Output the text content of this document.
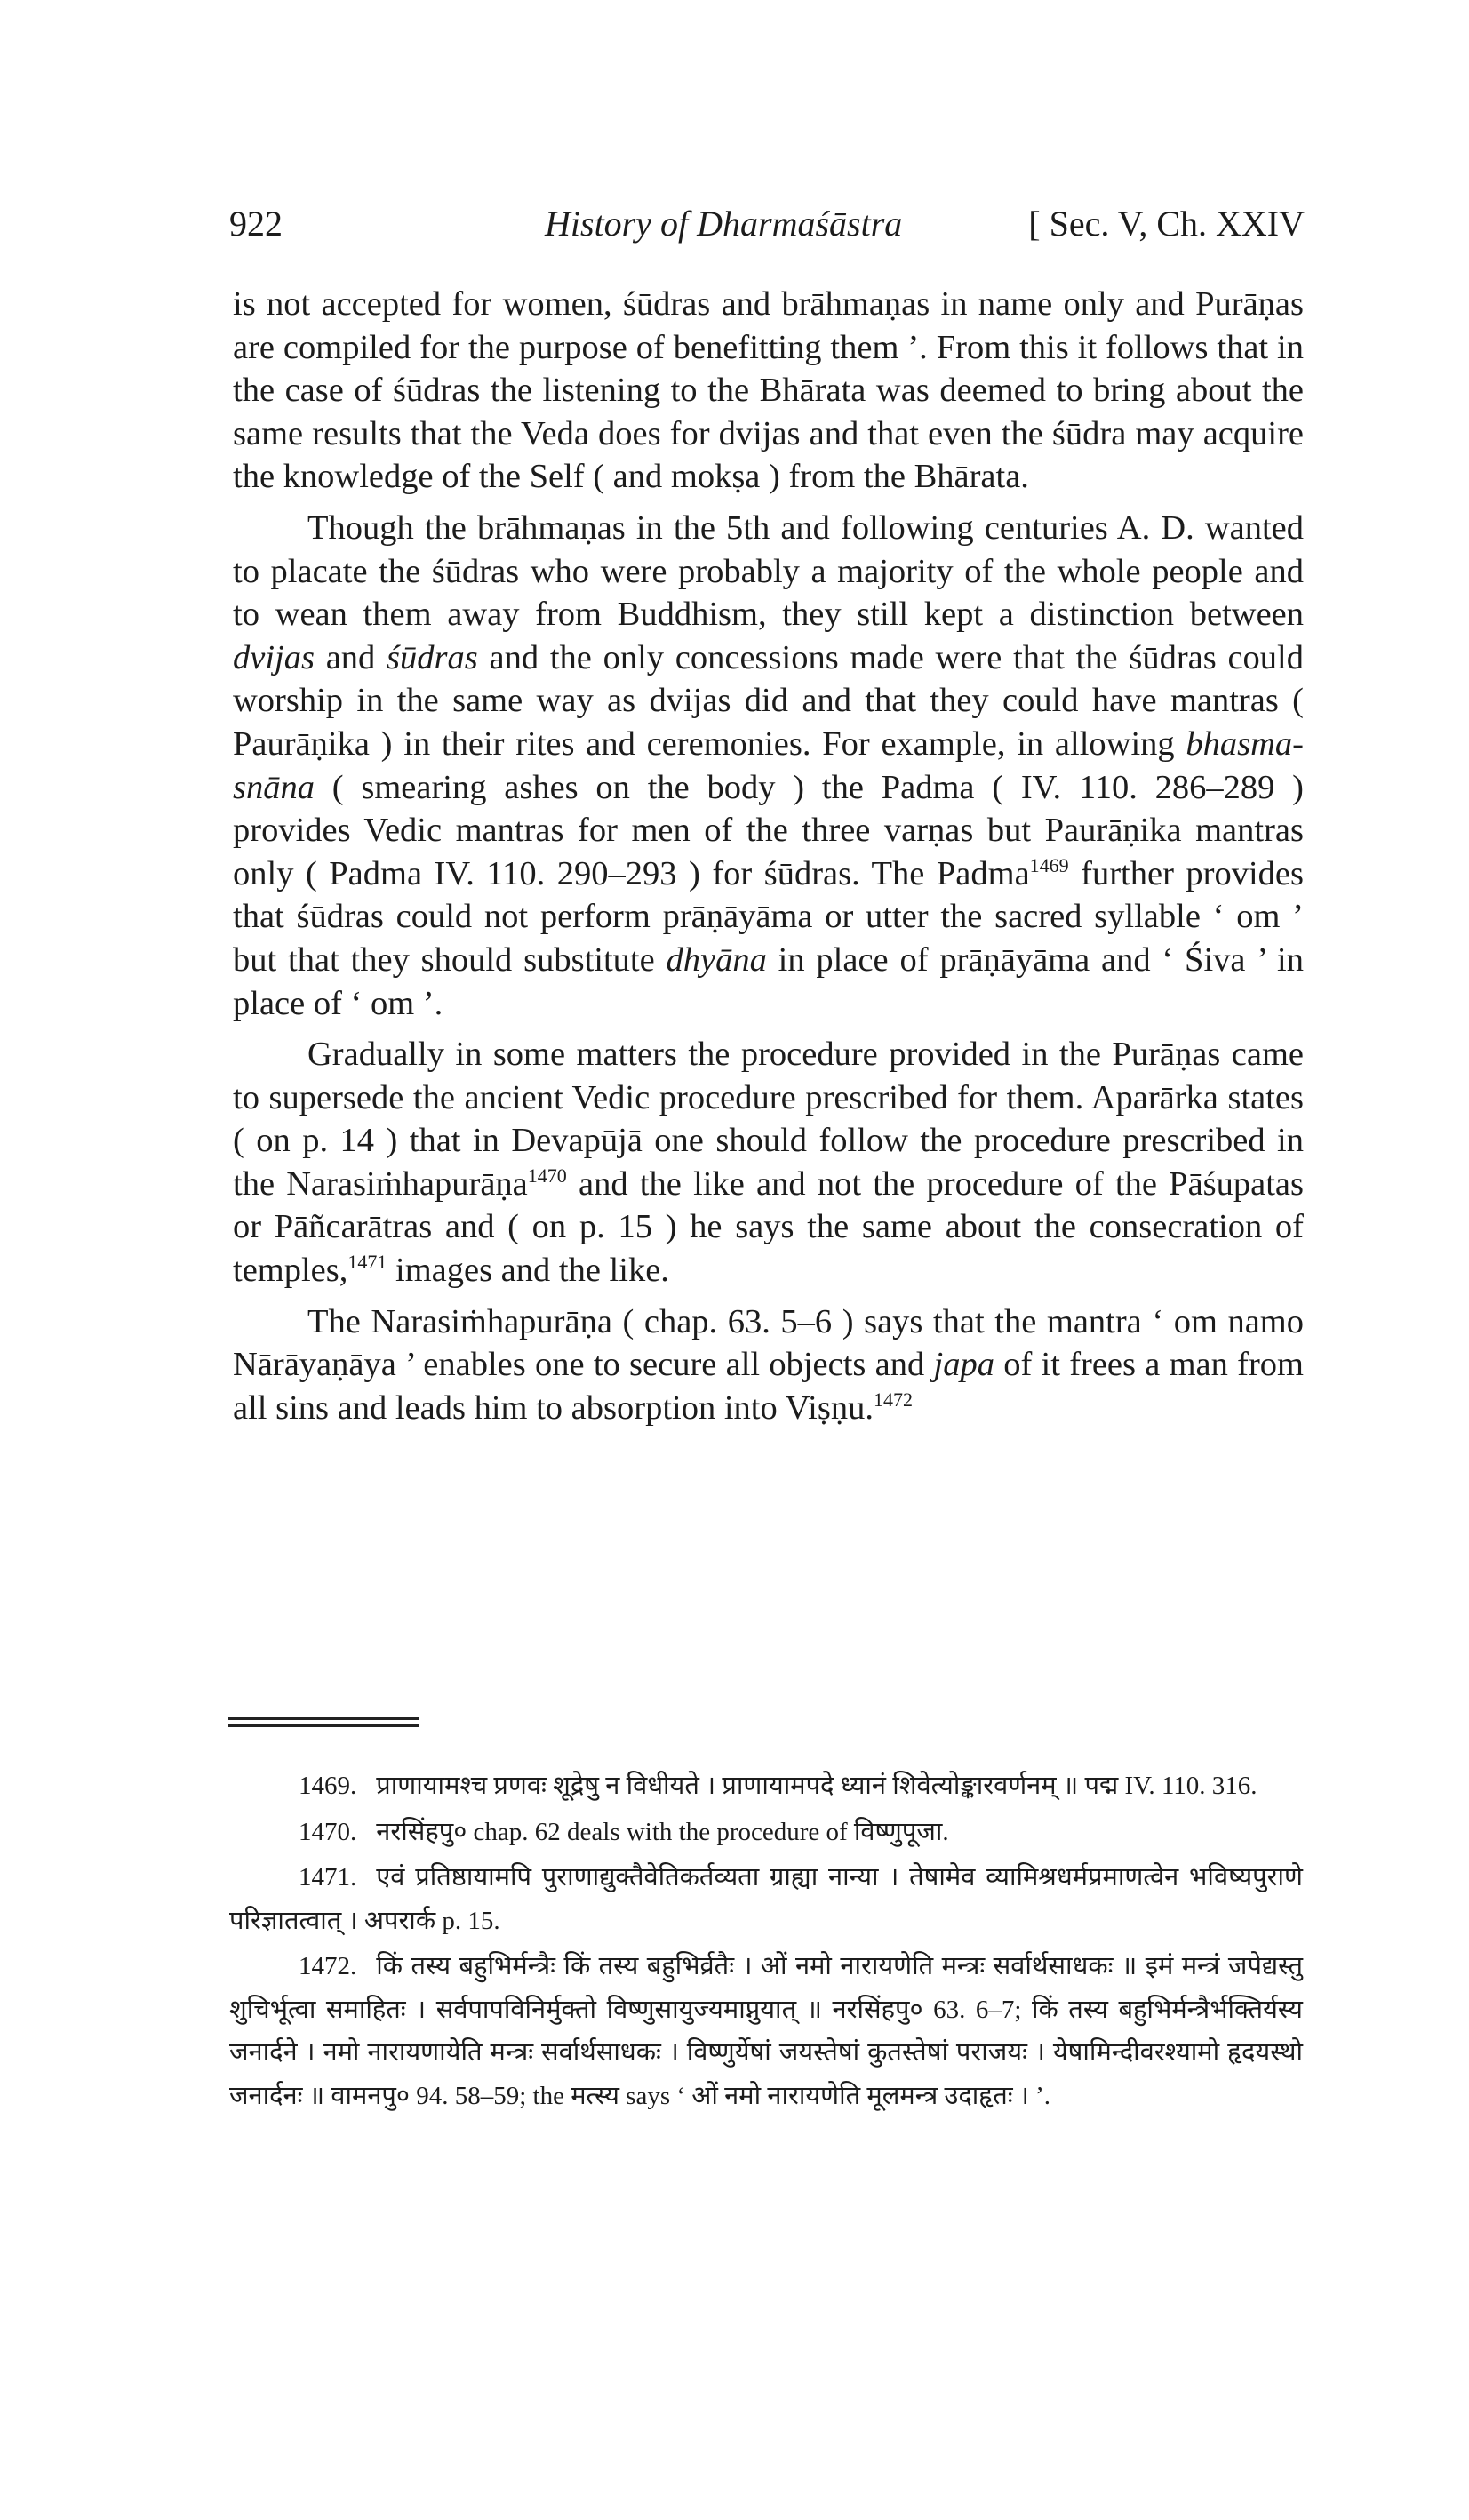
922	History of Dharmaśāstra	[ Sec. V, Ch. XXIV

is not accepted for women, śūdras and brāhmaṇas in name only and Purāṇas are compiled for the purpose of benefitting them ’. From this it follows that in the case of śūdras the listening to the Bhārata was deemed to bring about the same results that the Veda does for dvijas and that even the śūdra may acquire the knowledge of the Self ( and mokṣa ) from the Bhārata.

Though the brāhmaṇas in the 5th and following centuries A. D. wanted to placate the śūdras who were probably a majority of the whole people and to wean them away from Buddhism, they still kept a distinction between dvijas and śūdras and the only concessions made were that the śūdras could worship in the same way as dvijas did and that they could have mantras ( Paurāṇika ) in their rites and ceremonies. For example, in allowing bhasma-snāna ( smearing ashes on the body ) the Padma ( IV. 110. 286–289 ) provides Vedic mantras for men of the three varṇas but Paurāṇika mantras only ( Padma IV. 110. 290–293 ) for śūdras. The Padma$^{1469}$ further provides that śūdras could not perform prāṇāyāma or utter the sacred syllable ‘ om ’ but that they should substitute dhyāna in place of prāṇāyāma and ‘ Śiva ’ in place of ‘ om ’.

Gradually in some matters the procedure provided in the Purāṇas came to supersede the ancient Vedic procedure prescribed for them. Aparārka states ( on p. 14 ) that in Devapūjā one should follow the procedure prescribed in the Narasiṁhapurāṇa$^{1470}$ and the like and not the procedure of the Pāśupatas or Pāñcarātras and ( on p. 15 ) he says the same about the consecration of temples,$^{1471}$ images and the like.

The Narasiṁhapurāṇa ( chap. 63. 5–6 ) says that the mantra ‘ om namo Nārāyaṇāya ’ enables one to secure all objects and japa of it frees a man from all sins and leads him to absorption into Viṣṇu.$^{1472}$

1469. प्राणायामश्च प्रणवः शूद्रेषु न विधीयते । प्राणायामपदे ध्यानं शिवेत्योङ्कारवर्णनम् ॥ पद्म IV. 110. 316.

1470. नरसिंहपु० chap. 62 deals with the procedure of विष्णुपूजा.

1471. एवं प्रतिष्ठायामपि पुराणाद्युक्तैवेतिकर्तव्यता ग्राह्या नान्या । तेषामेव व्यामिश्रधर्मप्रमाणत्वेन भविष्यपुराणे परिज्ञातत्वात् । अपरार्क p. 15.

1472. किं तस्य बहुभिर्मन्त्रैः किं तस्य बहुभिर्व्रतैः । ओं नमो नारायणेति मन्त्रः सर्वार्थसाधकः ॥ इमं मन्त्रं जपेद्यस्तु शुचिर्भूत्वा समाहितः । सर्वपापविनिर्मुक्तो विष्णुसायुज्यमाप्नुयात् ॥ नरसिंहपु० 63. 6–7; किं तस्य बहुभिर्मन्त्रैर्भक्तिर्यस्य जनार्दने । नमो नारायणायेति मन्त्रः सर्वार्थसाधकः । विष्णुर्येषां जयस्तेषां कुतस्तेषां पराजयः । येषामिन्दीवरश्यामो हृदयस्थो जनार्दनः ॥ वामनपु० 94. 58–59; the मत्स्य says ‘ ओं नमो नारायणेति मूलमन्त्र उदाहृतः । ’.
